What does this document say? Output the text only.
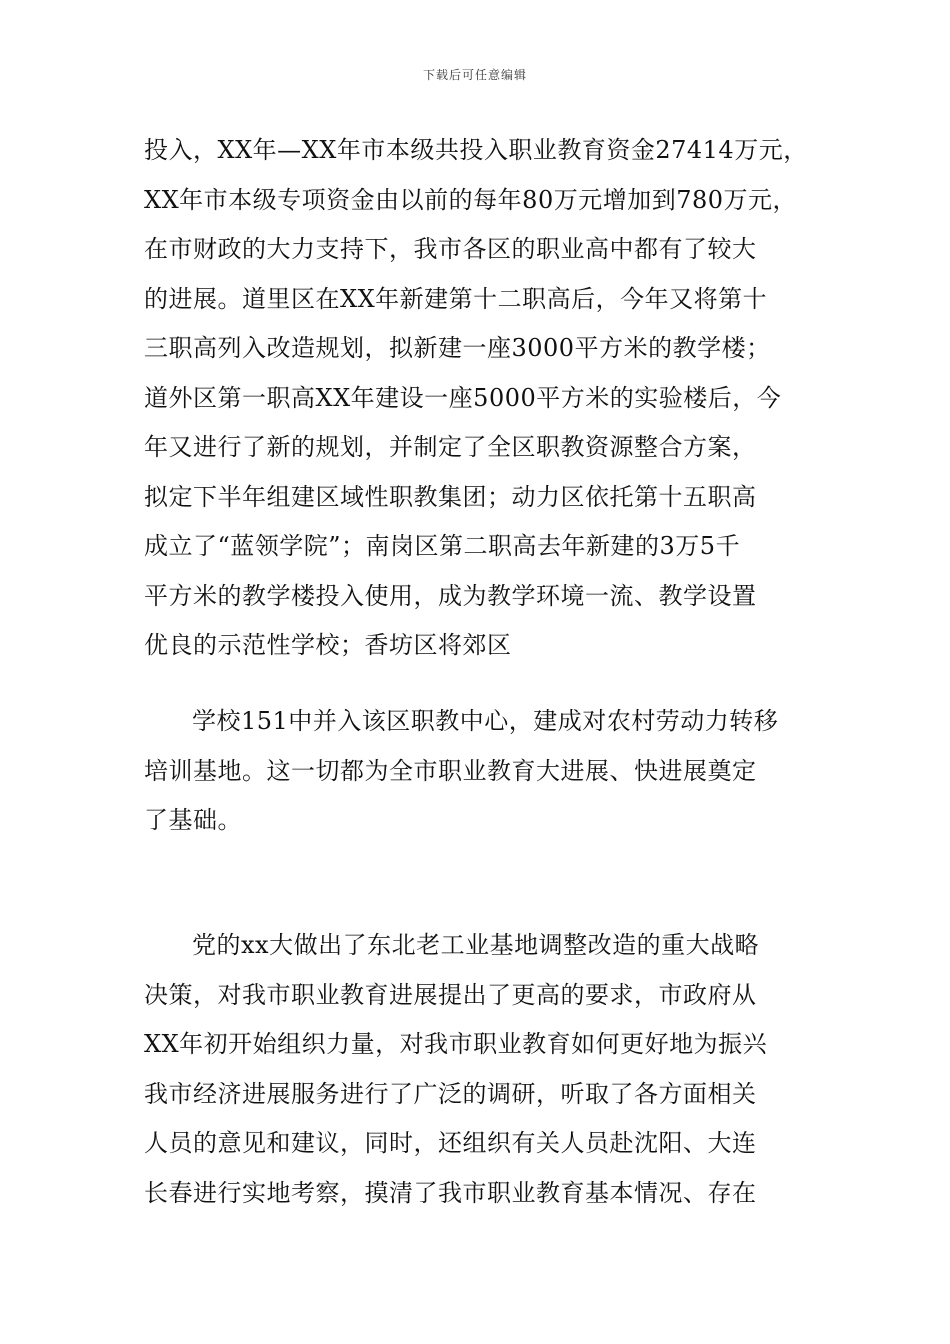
下载后可任意编辑
投入，XX年—XX年市本级共投入职业教育资金27414万元，
XX年市本级专项资金由以前的每年80万元增加到780万元，
在市财政的大力支持下，我市各区的职业高中都有了较大
的进展。道里区在XX年新建第十二职高后，今年又将第十
三职高列入改造规划，拟新建一座3000平方米的教学楼；
道外区第一职高XX年建设一座5000平方米的实验楼后，今
年又进行了新的规划，并制定了全区职教资源整合方案，
拟定下半年组建区域性职教集团；动力区依托第十五职高
成立了“蓝领学院”；南岗区第二职高去年新建的3万5千
平方米的教学楼投入使用，成为教学环境一流、教学设置
优良的示范性学校；香坊区将郊区
学校151中并入该区职教中心，建成对农村劳动力转移
培训基地。这一切都为全市职业教育大进展、快进展奠定
了基础。
党的xx大做出了东北老工业基地调整改造的重大战略
决策，对我市职业教育进展提出了更高的要求，市政府从
XX年初开始组织力量，对我市职业教育如何更好地为振兴
我市经济进展服务进行了广泛的调研，听取了各方面相关
人员的意见和建议，同时，还组织有关人员赴沈阳、大连
长春进行实地考察，摸清了我市职业教育基本情况、存在
